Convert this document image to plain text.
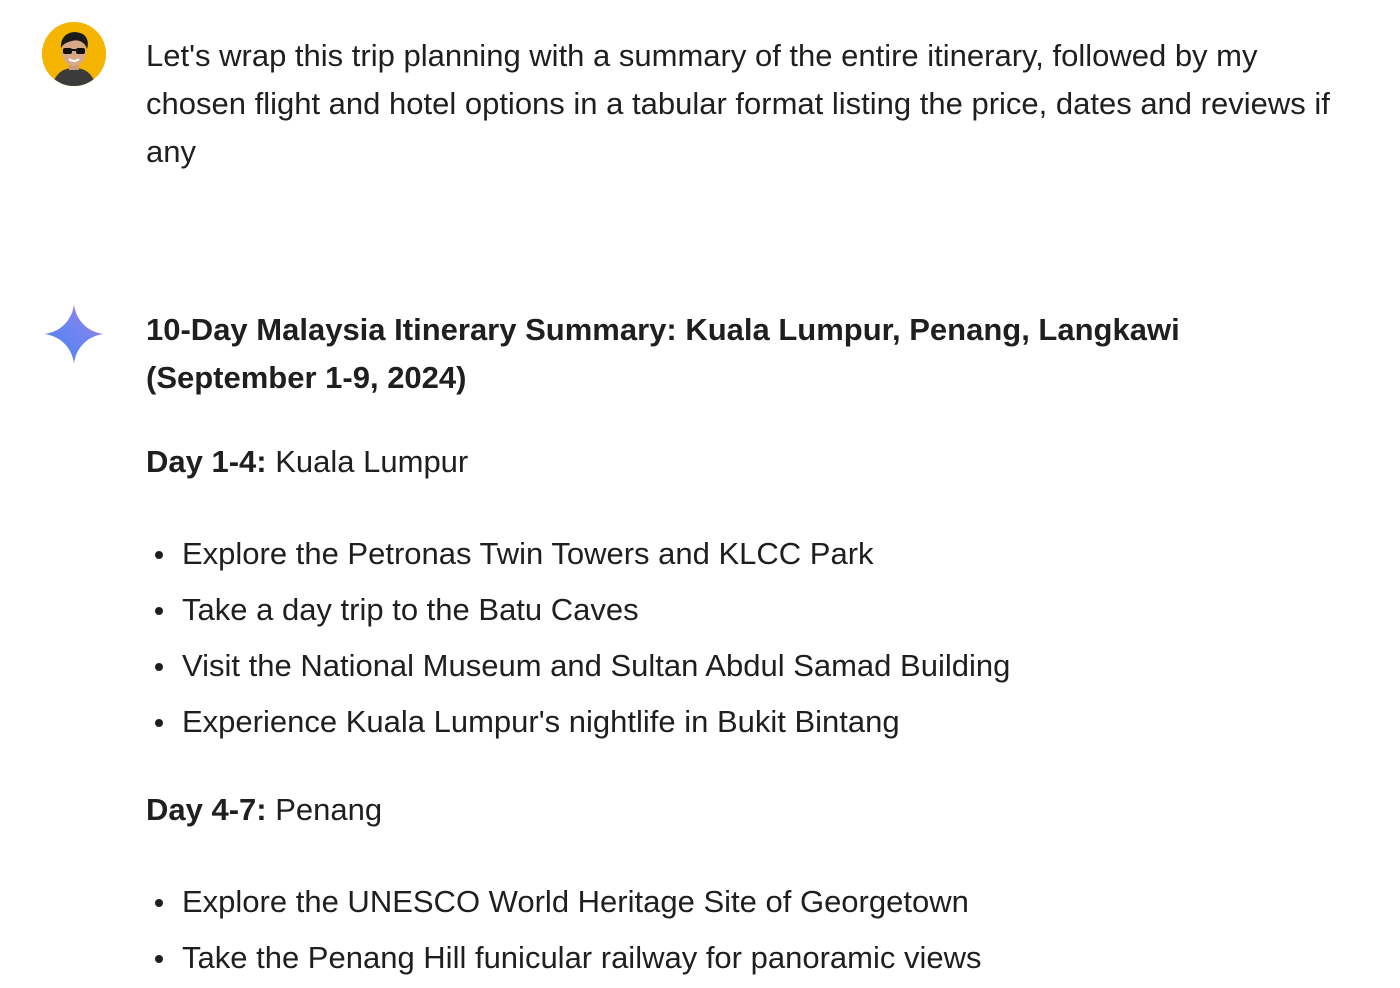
Let's wrap this trip planning with a summary of the entire itinerary, followed by my chosen flight and hotel options in a tabular format listing the price, dates and reviews if any

10-Day Malaysia Itinerary Summary: Kuala Lumpur, Penang, Langkawi (September 1-9, 2024)

Day 1-4: Kuala Lumpur

Explore the Petronas Twin Towers and KLCC Park
Take a day trip to the Batu Caves
Visit the National Museum and Sultan Abdul Samad Building
Experience Kuala Lumpur's nightlife in Bukit Bintang

Day 4-7: Penang

Explore the UNESCO World Heritage Site of Georgetown
Take the Penang Hill funicular railway for panoramic views
